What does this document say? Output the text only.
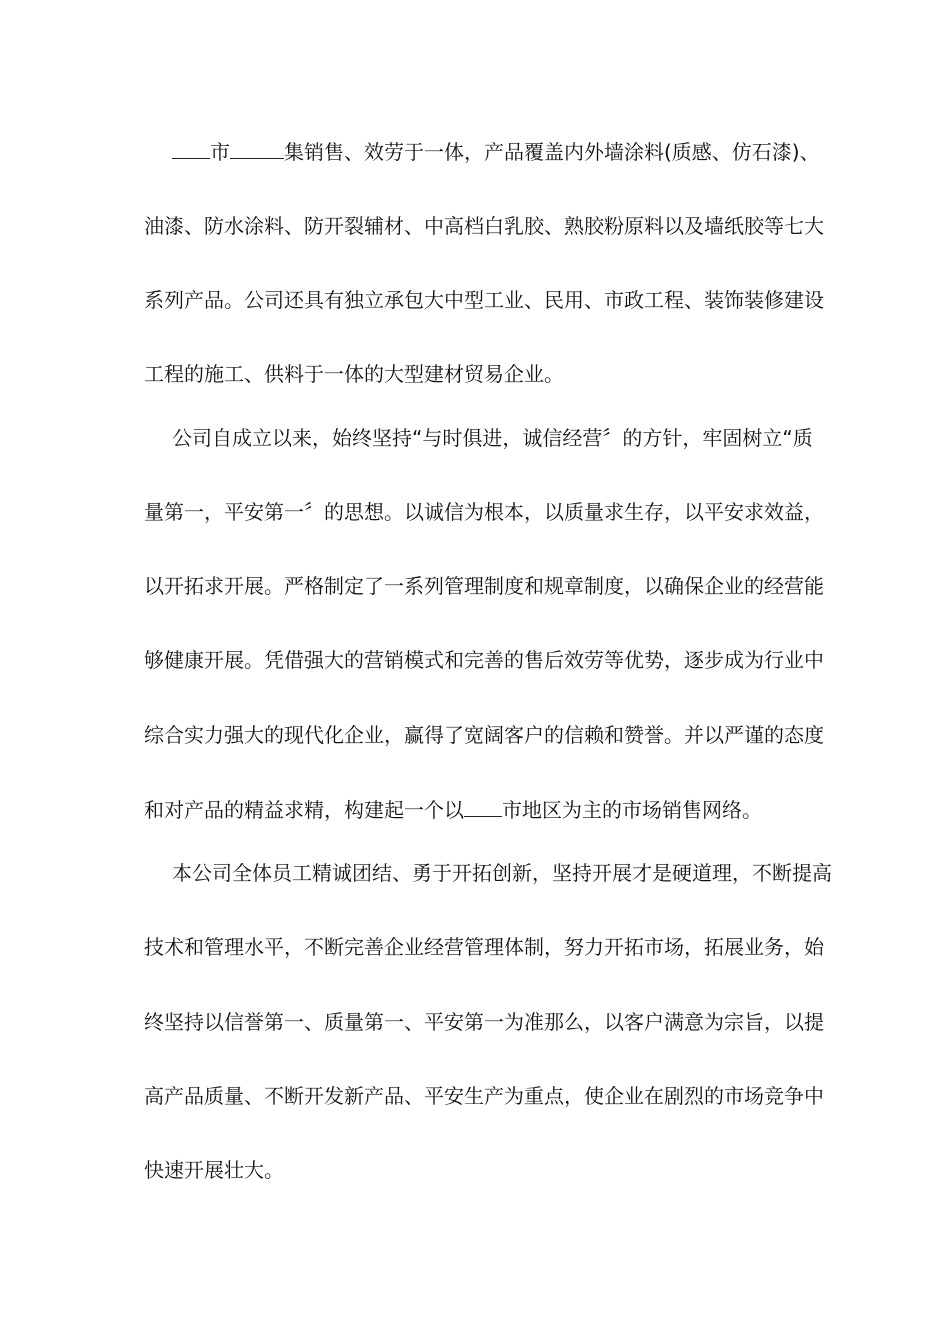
市	集销售、效劳于一体，产品覆盖内外墙涂料(质感、仿石漆)、
油漆、防水涂料、防开裂辅材、中高档白乳胶、熟胶粉原料以及墙纸胶等七大
系列产品。公司还具有独立承包大中型工业、民用、市政工程、装饰装修建设
工程的施工、供料于一体的大型建材贸易企业。
公司自成立以来，始终坚持“与时俱进，诚信经营〞的方针，牢固树立“质
量第一，平安第一〞的思想。以诚信为根本，以质量求生存，以平安求效益，
以开拓求开展。严格制定了一系列管理制度和规章制度，以确保企业的经营能
够健康开展。凭借强大的营销模式和完善的售后效劳等优势，逐步成为行业中
综合实力强大的现代化企业，赢得了宽阔客户的信赖和赞誉。并以严谨的态度
和对产品的精益求精，构建起一个以 市地区为主的市场销售网络。
本公司全体员工精诚团结、勇于开拓创新，坚持开展才是硬道理，不断提高
技术和管理水平，不断完善企业经营管理体制，努力开拓市场，拓展业务，始
终坚持以信誉第一、质量第一、平安第一为准那么，以客户满意为宗旨，以提
高产品质量、不断开发新产品、平安生产为重点，使企业在剧烈的市场竞争中
快速开展壮大。
